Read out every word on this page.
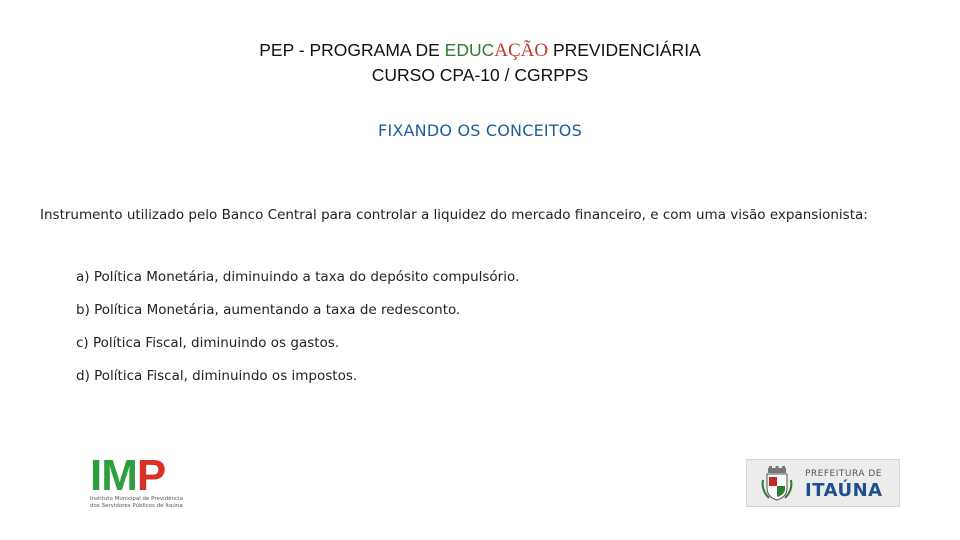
PEP - PROGRAMA DE EDUCAÇÃO PREVIDENCIÁRIA
CURSO CPA-10 / CGRPPS
FIXANDO OS CONCEITOS
Instrumento utilizado pelo Banco Central para controlar a liquidez do mercado financeiro, e com uma visão expansionista:
a) Política Monetária, diminuindo a taxa do depósito compulsório.
b) Política Monetária, aumentando a taxa de redesconto.
c) Política Fiscal, diminuindo os gastos.
d) Política Fiscal, diminuindo os impostos.
IMP
Instituto Municipal de Previdência
dos Servidores Públicos de Itaúna
PREFEITURA DE
ITAÚNA
